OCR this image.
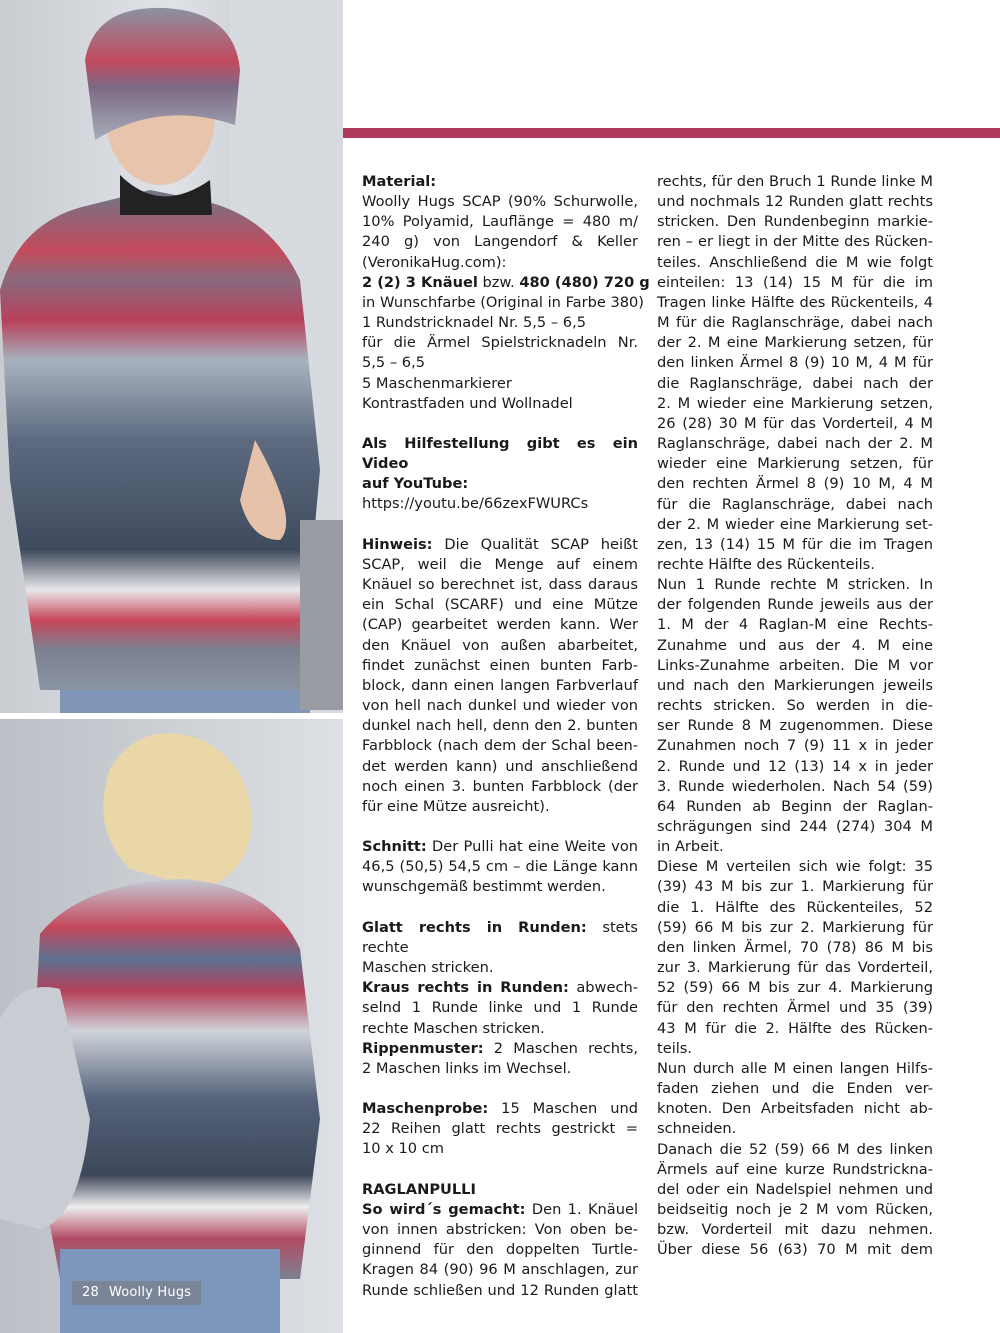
28 Woolly Hugs

Material:
Woolly Hugs SCAP (90% Schurwolle,
10% Polyamid, Lauflänge = 480 m/
240 g) von Langendorf & Keller
(VeronikaHug.com):

2 (2) 3 Knäuel bzw. 480 (480) 720 g
in Wunschfarbe (Original in Farbe 380)
1 Rundstricknadel Nr. 5,5 – 6,5
für die Ärmel Spielstricknadeln Nr.
5,5 – 6,5
5 Maschenmarkierer
Kontrastfaden und Wollnadel

Als Hilfestellung gibt es ein Video
auf YouTube:
https://youtu.be/66zexFWURCs

Hinweis: Die Qualität SCAP heißt
SCAP, weil die Menge auf einem
Knäuel so berechnet ist, dass daraus
ein Schal (SCARF) und eine Mütze
(CAP) gearbeitet werden kann. Wer
den Knäuel von außen abarbeitet,
findet zunächst einen bunten Farb-
block, dann einen langen Farbverlauf
von hell nach dunkel und wieder von
dunkel nach hell, denn den 2. bunten
Farbblock (nach dem der Schal been-
det werden kann) und anschließend
noch einen 3. bunten Farbblock (der
für eine Mütze ausreicht).

Schnitt: Der Pulli hat eine Weite von
46,5 (50,5) 54,5 cm – die Länge kann
wunschgemäß bestimmt werden.

Glatt rechts in Runden: stets rechte
Maschen stricken.

Kraus rechts in Runden: abwech-
selnd 1 Runde linke und 1 Runde
rechte Maschen stricken.

Rippenmuster: 2 Maschen rechts,
2 Maschen links im Wechsel.

Maschenprobe: 15 Maschen und
22 Reihen glatt rechts gestrickt =
10 x 10 cm

RAGLANPULLI
So wird´s gemacht: Den 1. Knäuel
von innen abstricken: Von oben be-
ginnend für den doppelten Turtle-
Kragen 84 (90) 96 M anschlagen, zur
Runde schließen und 12 Runden glatt

rechts, für den Bruch 1 Runde linke M
und nochmals 12 Runden glatt rechts
stricken. Den Rundenbeginn markie-
ren – er liegt in der Mitte des Rücken-
teiles. Anschließend die M wie folgt
einteilen: 13 (14) 15 M für die im
Tragen linke Hälfte des Rückenteils, 4
M für die Raglanschräge, dabei nach
der 2. M eine Markierung setzen, für
den linken Ärmel 8 (9) 10 M, 4 M für
die Raglanschräge, dabei nach der
2. M wieder eine Markierung setzen,
26 (28) 30 M für das Vorderteil, 4 M
Raglanschräge, dabei nach der 2. M
wieder eine Markierung setzen, für
den rechten Ärmel 8 (9) 10 M, 4 M
für die Raglanschräge, dabei nach
der 2. M wieder eine Markierung set-
zen, 13 (14) 15 M für die im Tragen
rechte Hälfte des Rückenteils.
Nun 1 Runde rechte M stricken. In
der folgenden Runde jeweils aus der
1. M der 4 Raglan-M eine Rechts-
Zunahme und aus der 4. M eine
Links-Zunahme arbeiten. Die M vor
und nach den Markierungen jeweils
rechts stricken. So werden in die-
ser Runde 8 M zugenommen. Diese
Zunahmen noch 7 (9) 11 x in jeder
2. Runde und 12 (13) 14 x in jeder
3. Runde wiederholen. Nach 54 (59)
64 Runden ab Beginn der Raglan-
schrägungen sind 244 (274) 304 M
in Arbeit.
Diese M verteilen sich wie folgt: 35
(39) 43 M bis zur 1. Markierung für
die 1. Hälfte des Rückenteiles, 52
(59) 66 M bis zur 2. Markierung für
den linken Ärmel, 70 (78) 86 M bis
zur 3. Markierung für das Vorderteil,
52 (59) 66 M bis zur 4. Markierung
für den rechten Ärmel und 35 (39)
43 M für die 2. Hälfte des Rücken-
teils.
Nun durch alle M einen langen Hilfs-
faden ziehen und die Enden ver-
knoten. Den Arbeitsfaden nicht ab-
schneiden.
Danach die 52 (59) 66 M des linken
Ärmels auf eine kurze Rundstrickna-
del oder ein Nadelspiel nehmen und
beidseitig noch je 2 M vom Rücken,
bzw. Vorderteil mit dazu nehmen.
Über diese 56 (63) 70 M mit dem
